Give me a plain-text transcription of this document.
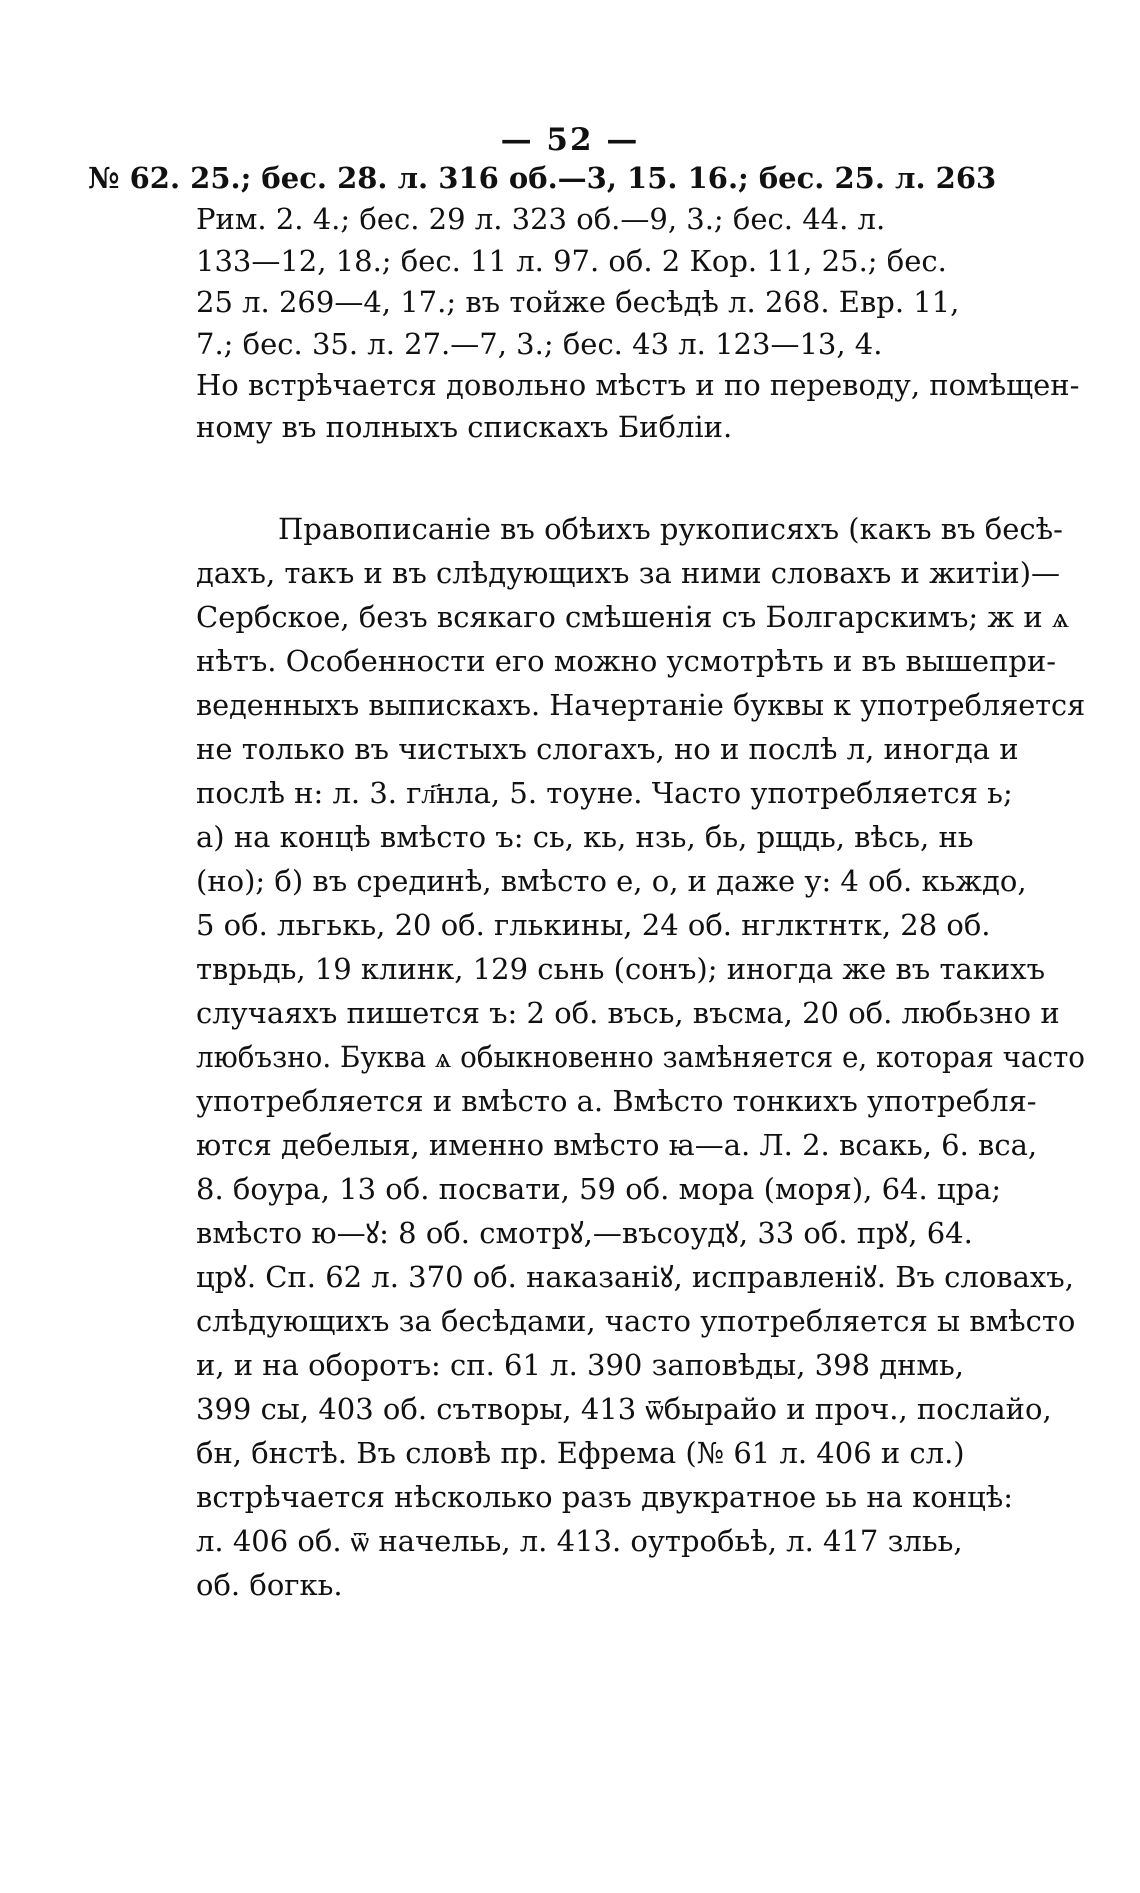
— 52 —
№ 62. 25.; бес. 28. л. 316 об.—3, 15. 16.; бес. 25. л. 263
Рим. 2. 4.; бес. 29 л. 323 об.—9, 3.; бес. 44. л.
133—12, 18.; бес. 11 л. 97. об. 2 Кор. 11, 25.; бес.
25 л. 269—4, 17.; въ тойже бесѣдѣ л. 268. Евр. 11,
7.; бес. 35. л. 27.—7, 3.; бес. 43 л. 123—13, 4.
Но встрѣчается довольно мѣстъ и по переводу, помѣщен-
ному въ полныхъ спискахъ Библіи.
Правописаніе въ обѣихъ рукописяхъ (какъ въ бесѣ-
дахъ, такъ и въ слѣдующихъ за ними словахъ и житіи)—
Сербское, безъ всякаго смѣшенія съ Болгарскимъ; ж и ѧ
нѣтъ. Особенности его можно усмотрѣть и въ вышепри-
веденныхъ выпискахъ. Начертаніе буквы к употребляется
не только въ чистыхъ слогахъ, но и послѣ л, иногда и
послѣ н: л. 3. гл҃нла, 5. тоуне. Часто употребляется ь;
а) на концѣ вмѣсто ъ: сь, кь, нзь, бь, рщдь, вѣсь, нь
(но); б) въ срединѣ, вмѣсто е, о, и даже у: 4 об. кьждо,
5 об. льгькь, 20 об. глькины, 24 об. нглктнтк, 28 об.
тврьдь, 19 клинк, 129 сьнь (сонъ); иногда же въ такихъ
случаяхъ пишется ъ: 2 об. въсь, въсма, 20 об. любьзно и
любъзно. Буква ѧ обыкновенно замѣняется е, которая часто
употребляется и вмѣсто а. Вмѣсто тонкихъ употребля-
ются дебелыя, именно вмѣсто ꙗ—а. Л. 2. всакь, 6. вса,
8. боура, 13 об. посвати, 59 об. мора (моря), 64. цра;
вмѣсто ю—ꙋ: 8 об. смотрꙋ,—въсоудꙋ, 33 об. прꙋ, 64.
црꙋ. Сп. 62 л. 370 об. наказаніꙋ, исправленіꙋ. Въ словахъ,
слѣдующихъ за бесѣдами, часто употребляется ы вмѣсто
и, и на оборотъ: сп. 61 л. 390 заповѣды, 398 днмь,
399 сы, 403 об. сътворы, 413 ѿбырайо и проч., послайо,
бн, бнстѣ. Въ словѣ пр. Ефрема (№ 61 л. 406 и сл.)
встрѣчается нѣсколько разъ двукратное ьь на концѣ:
л. 406 об. ѿ начельь, л. 413. оутробьѣ, л. 417 зльь,
об. богкь.
